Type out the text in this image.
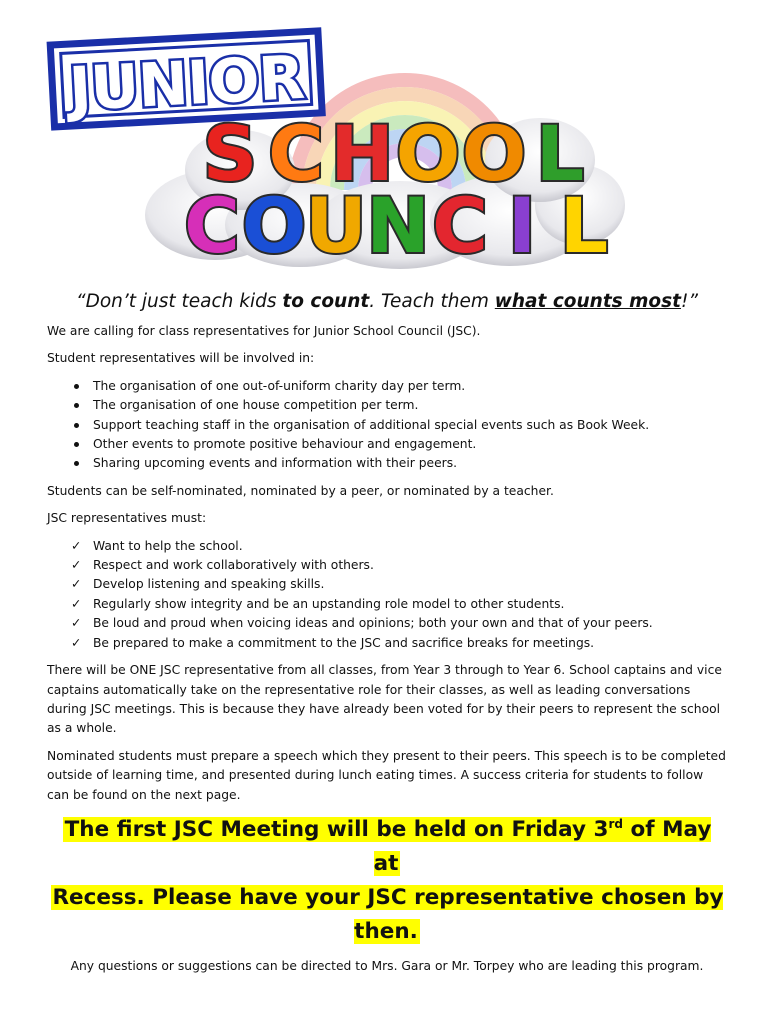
JUNIOR
S C H O O L
C O
U N C I L
“Don’t just teach kids to count. Teach them what counts most!”

We are calling for class representatives for Junior School Council (JSC).

Student representatives will be involved in:

The organisation of one out-of-uniform charity day per term.
The organisation of one house competition per term.
Support teaching staff in the organisation of additional special events such as Book Week.
Other events to promote positive behaviour and engagement.
Sharing upcoming events and information with their peers.

Students can be self-nominated, nominated by a peer, or nominated by a teacher.

JSC representatives must:

✓ Want to help the school.
✓ Respect and work collaboratively with others.
✓ Develop listening and speaking skills.
✓ Regularly show integrity and be an upstanding role model to other students.
✓ Be loud and proud when voicing ideas and opinions; both your own and that of your peers.
✓ Be prepared to make a commitment to the JSC and sacrifice breaks for meetings.

There will be ONE JSC representative from all classes, from Year 3 through to Year 6. School captains and vice captains automatically take on the representative role for their classes, as well as leading conversations during JSC meetings. This is because they have already been voted for by their peers to represent the school as a whole.

Nominated students must prepare a speech which they present to their peers. This speech is to be completed outside of learning time, and presented during lunch eating times. A success criteria for students to follow can be found on the next page.

The first JSC Meeting will be held on Friday 3rd of May at
Recess. Please have your JSC representative chosen by then.

Any questions or suggestions can be directed to Mrs. Gara or Mr. Torpey who are leading this program.
